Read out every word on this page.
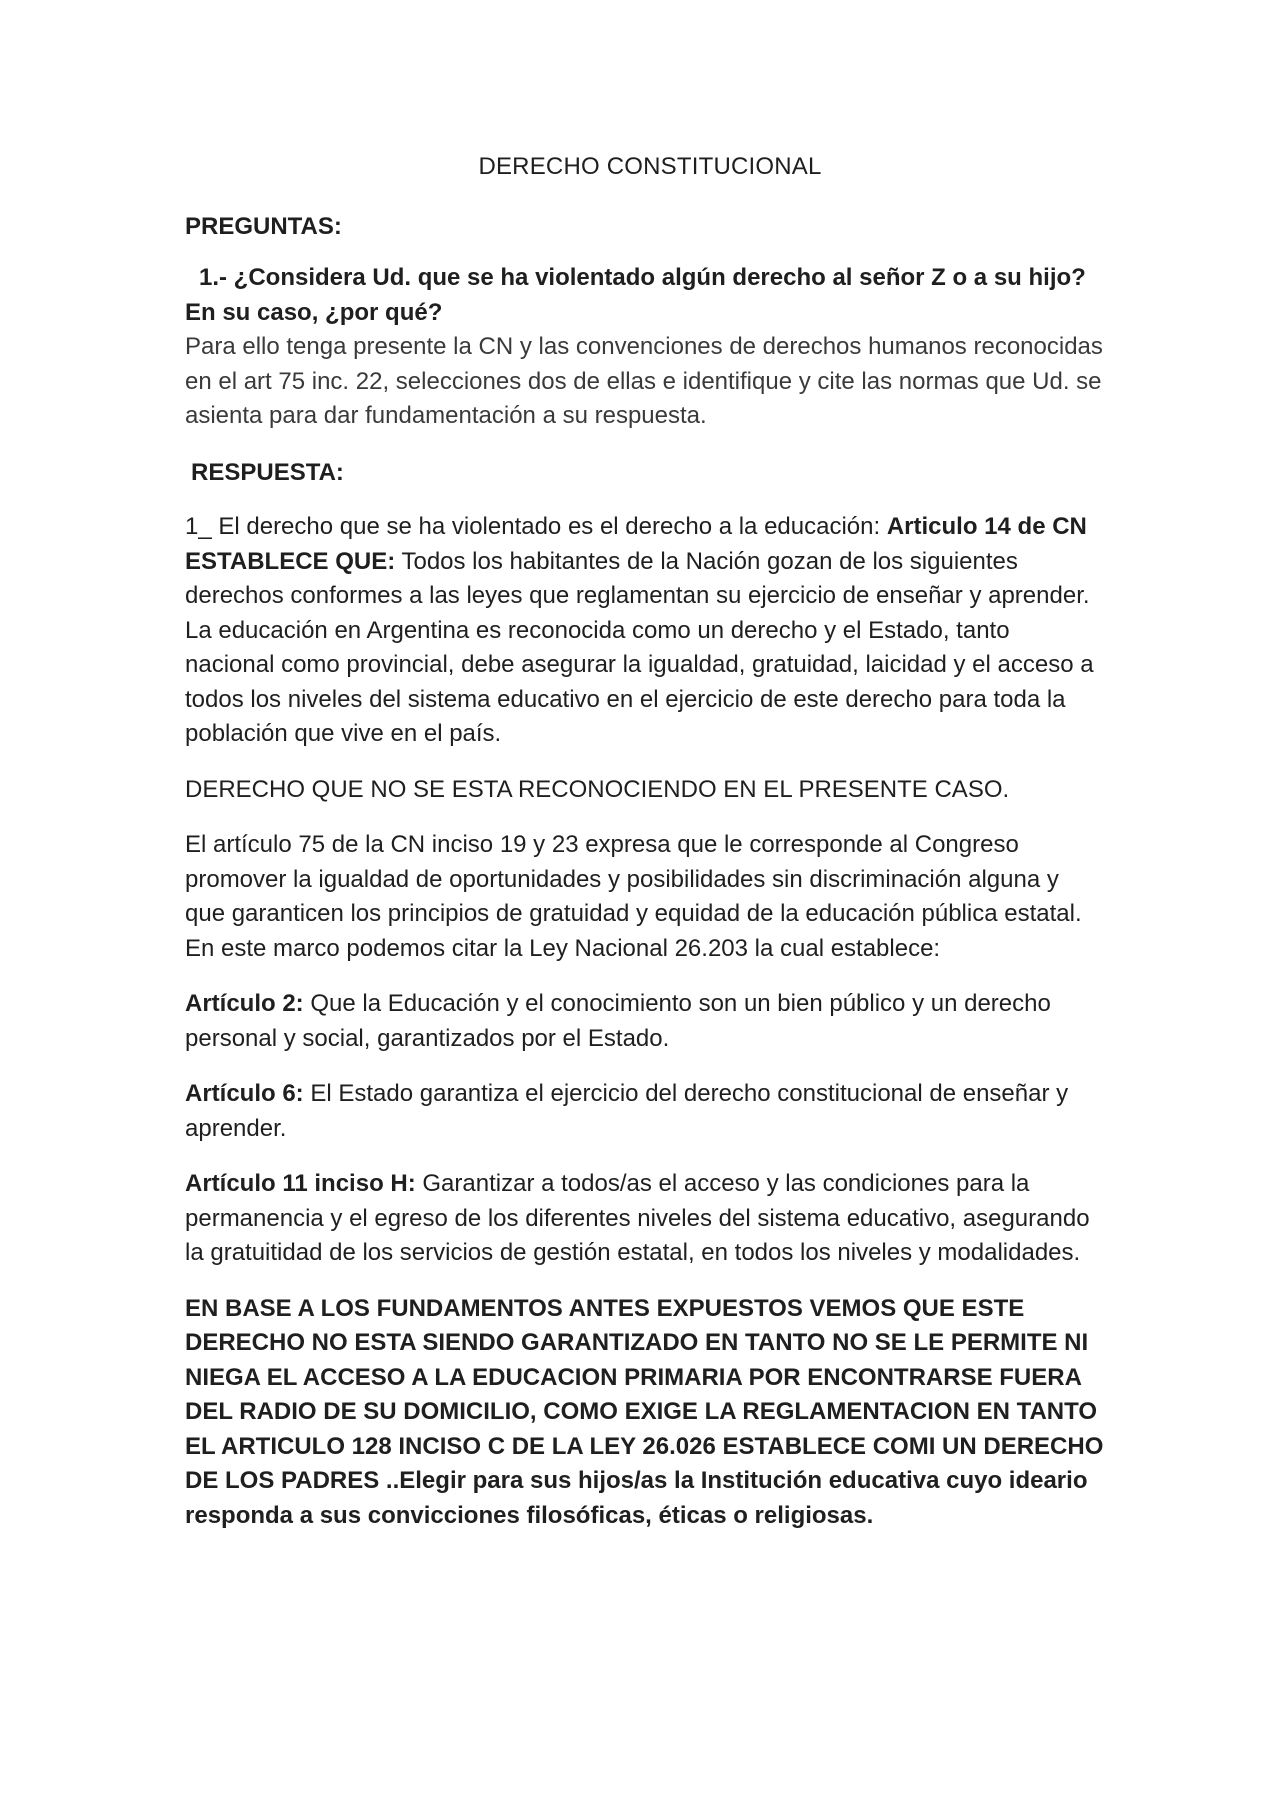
DERECHO CONSTITUCIONAL
PREGUNTAS:
1.- ¿Considera Ud. que se ha violentado algún derecho al señor Z o a su hijo? En su caso, ¿por qué?
Para ello tenga presente la CN y las convenciones de derechos humanos reconocidas en el art 75 inc. 22, selecciones dos de ellas e identifique y cite las normas que Ud. se asienta para dar fundamentación a su respuesta.
RESPUESTA:

1_ El derecho que se ha violentado es el derecho a la educación: Articulo 14 de CN ESTABLECE QUE: Todos los habitantes de la Nación gozan de los siguientes derechos conformes a las leyes que reglamentan su ejercicio de enseñar y aprender. La educación en Argentina es reconocida como un derecho y el Estado, tanto nacional como provincial, debe asegurar la igualdad, gratuidad, laicidad y el acceso a todos los niveles del sistema educativo en el ejercicio de este derecho para toda la población que vive en el país.

DERECHO QUE NO SE ESTA RECONOCIENDO EN EL PRESENTE CASO.

El artículo 75 de la CN inciso 19 y 23 expresa que le corresponde al Congreso promover la igualdad de oportunidades y posibilidades sin discriminación alguna y que garanticen los principios de gratuidad y equidad de la educación pública estatal. En este marco podemos citar la Ley Nacional 26.203 la cual establece:

Artículo 2: Que la Educación y el conocimiento son un bien público y un derecho personal y social, garantizados por el Estado.

Artículo 6: El Estado garantiza el ejercicio del derecho constitucional de enseñar y aprender.

Artículo 11 inciso H: Garantizar a todos/as el acceso y las condiciones para la permanencia y el egreso de los diferentes niveles del sistema educativo, asegurando la gratuitidad de los servicios de gestión estatal, en todos los niveles y modalidades.

EN BASE A LOS FUNDAMENTOS ANTES EXPUESTOS VEMOS QUE ESTE DERECHO NO ESTA SIENDO GARANTIZADO EN TANTO NO SE LE PERMITE NI NIEGA EL ACCESO A LA EDUCACION PRIMARIA POR ENCONTRARSE FUERA DEL RADIO DE SU DOMICILIO, COMO EXIGE LA REGLAMENTACION EN TANTO EL ARTICULO 128 INCISO C DE LA LEY 26.026 ESTABLECE COMI UN DERECHO DE LOS PADRES ..Elegir para sus hijos/as la Institución educativa cuyo ideario responda a sus convicciones filosóficas, éticas o religiosas.
